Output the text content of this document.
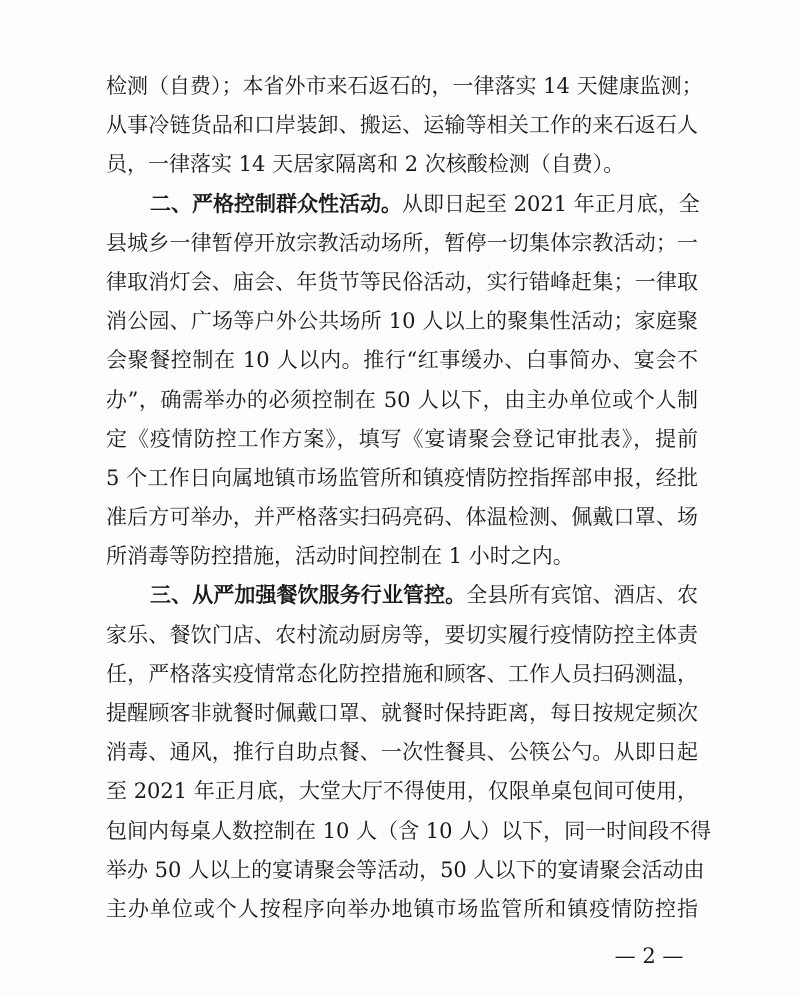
检测（自费）；本省外市来石返石的，一律落实 14 天健康监测；
从事冷链货品和口岸装卸、搬运、运输等相关工作的来石返石人
员，一律落实 14 天居家隔离和 2 次核酸检测（自费）。
二、严格控制群众性活动。从即日起至 2021 年正月底，全
县城乡一律暂停开放宗教活动场所，暂停一切集体宗教活动；一
律取消灯会、庙会、年货节等民俗活动，实行错峰赶集；一律取
消公园、广场等户外公共场所 10 人以上的聚集性活动；家庭聚
会聚餐控制在 10 人以内。推行“红事缓办、白事简办、宴会不
办”，确需举办的必须控制在 50 人以下，由主办单位或个人制
定《疫情防控工作方案》，填写《宴请聚会登记审批表》，提前
5 个工作日向属地镇市场监管所和镇疫情防控指挥部申报，经批
准后方可举办，并严格落实扫码亮码、体温检测、佩戴口罩、场
所消毒等防控措施，活动时间控制在 1 小时之内。
三、从严加强餐饮服务行业管控。全县所有宾馆、酒店、农
家乐、餐饮门店、农村流动厨房等，要切实履行疫情防控主体责
任，严格落实疫情常态化防控措施和顾客、工作人员扫码测温，
提醒顾客非就餐时佩戴口罩、就餐时保持距离，每日按规定频次
消毒、通风，推行自助点餐、一次性餐具、公筷公勺。从即日起
至 2021 年正月底，大堂大厅不得使用，仅限单桌包间可使用，
包间内每桌人数控制在 10 人（含 10 人）以下，同一时间段不得
举办 50 人以上的宴请聚会等活动，50 人以下的宴请聚会活动由
— 2 —
主办单位或个人按程序向举办地镇市场监管所和镇疫情防控指
